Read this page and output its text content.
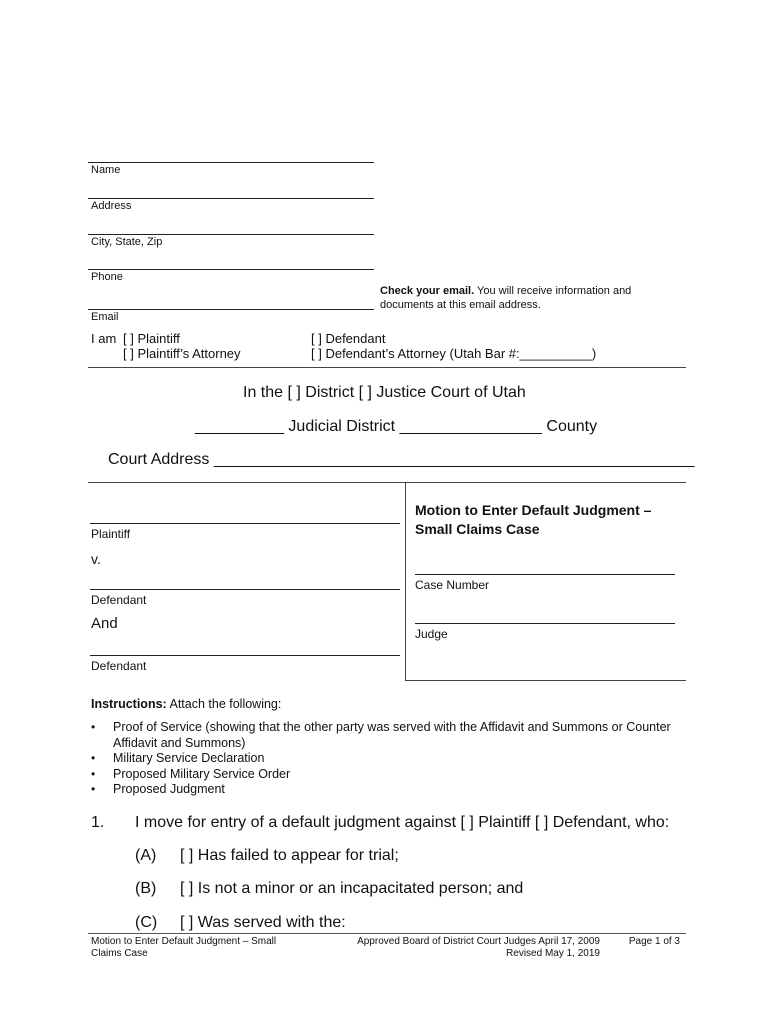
Name
Address
City, State, Zip
Phone
Check your email. You will receive information and
documents at this email address.
Email
I am [ ] Plaintiff
[ ] Plaintiff’s Attorney
[ ] Defendant
[ ] Defendant’s Attorney (Utah Bar #:__________)
In the [ ] District [ ] Justice Court of Utah
__________ Judicial District ________________ County
Court Address ______________________________________________________
Plaintiff
v.
Defendant
And
Defendant
Motion to Enter Default Judgment –
Small Claims Case
Case Number
Judge
Instructions: Attach the following:
• Proof of Service (showing that the other party was served with the Affidavit and Summons or Counter Affidavit and Summons)
• Military Service Declaration
• Proposed Military Service Order
• Proposed Judgment
1. I move for entry of a default judgment against [ ] Plaintiff [ ] Defendant, who:
(A) [ ] Has failed to appear for trial;
(B) [ ] Is not a minor or an incapacitated person; and
(C) [ ] Was served with the:
Motion to Enter Default Judgment – Small
Claims Case
Approved Board of District Court Judges April 17, 2009
Revised May 1, 2019
Page 1 of 3
